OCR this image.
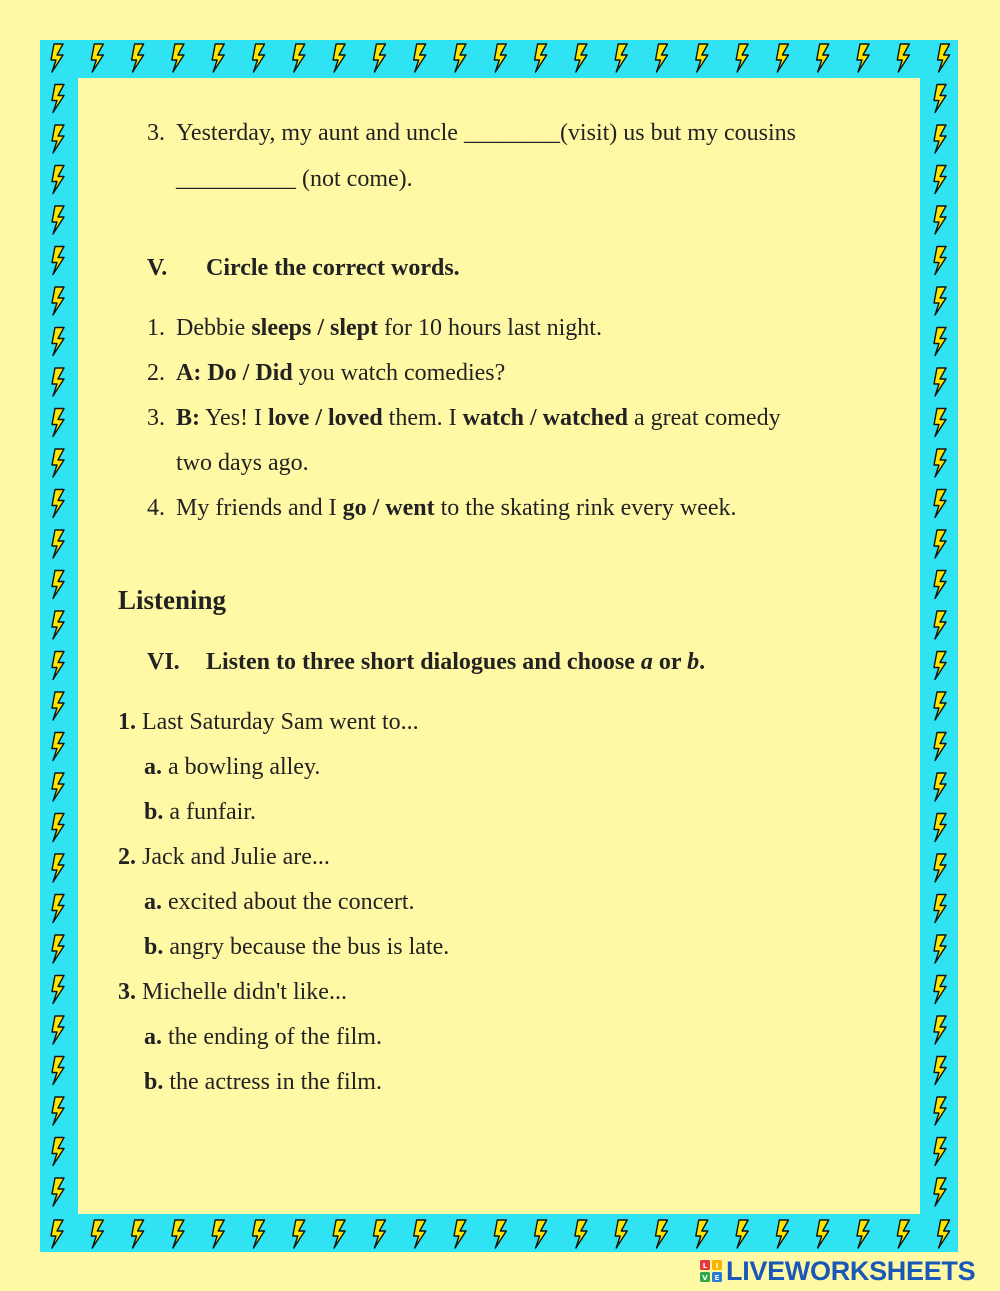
3. Yesterday, my aunt and uncle ________(visit) us but my cousins
__________ (not come).
V. Circle the correct words.
1. Debbie sleeps / slept for 10 hours last night.
2. A: Do / Did you watch comedies?
3. B: Yes! I love / loved them. I watch / watched a great comedy
two days ago.
4. My friends and I go / went to the skating rink every week.
Listening
VI. Listen to three short dialogues and choose a or b.
1. Last Saturday Sam went to...
a. a bowling alley.
b. a funfair.
2. Jack and Julie are...
a. excited about the concert.
b. angry because the bus is late.
3. Michelle didn't like...
a. the ending of the film.
b. the actress in the film.
L I
V E LIVEWORKSHEETS
